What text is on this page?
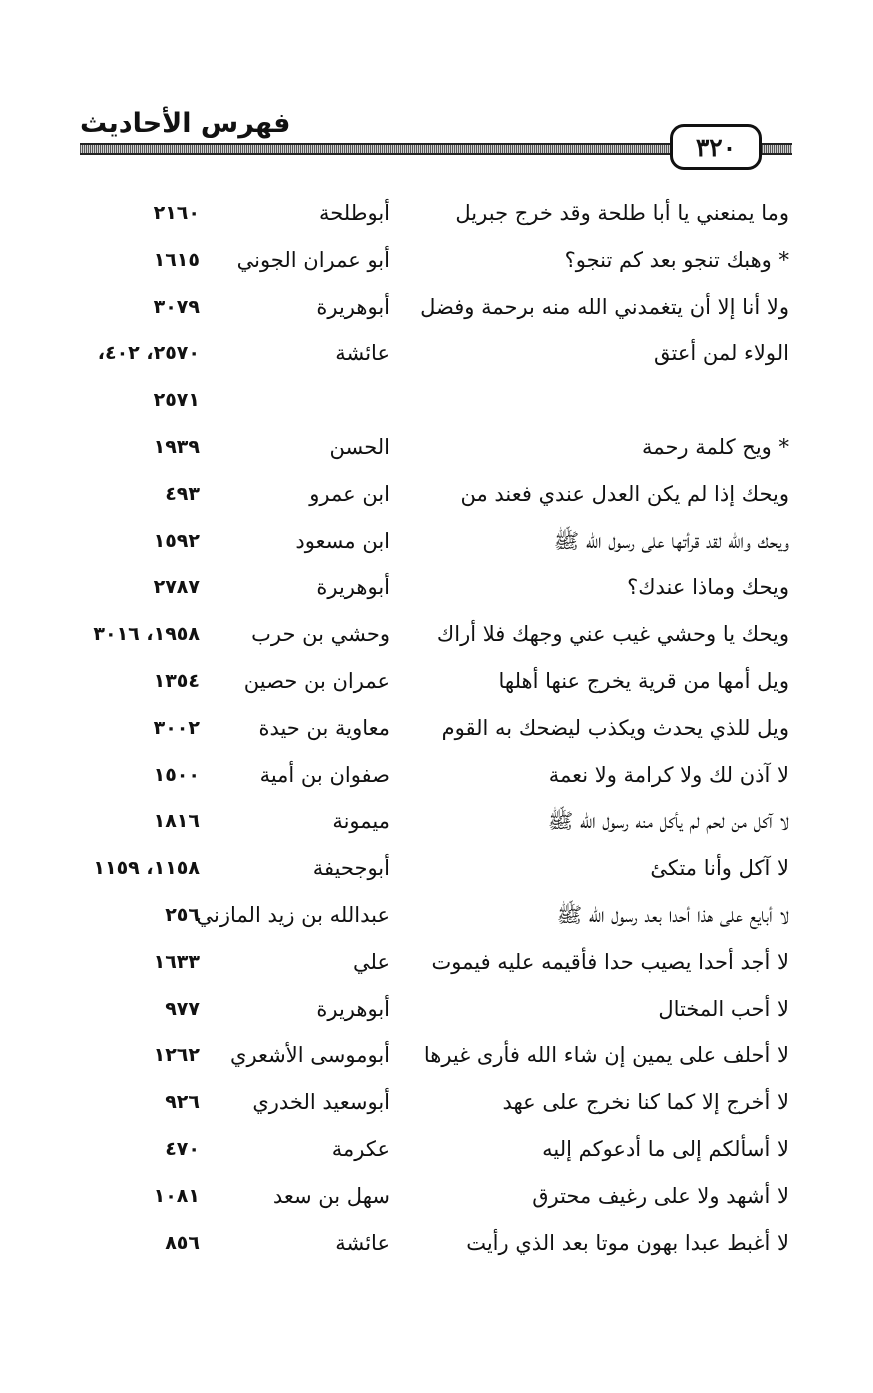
فهرس الأحاديث
٣٢٠
وما يمنعني يا أبا طلحة وقد خرج جبريل
أبوطلحة
٢١٦٠
* وهبك تنجو بعد كم تنجو؟
أبو عمران الجوني
١٦١٥
ولا أنا إلا أن يتغمدني الله منه برحمة وفضل
أبوهريرة
٣٠٧٩
الولاء لمن أعتق
عائشة
٢٥٧٠، ٤٠٢،
٢٥٧١
* ويح كلمة رحمة
الحسن
١٩٣٩
ويحك إذا لم يكن العدل عندي فعند من
ابن عمرو
٤٩٣
ويحك والله لقد قرأتها على رسول الله ﷺ
ابن مسعود
١٥٩٢
ويحك وماذا عندك؟
أبوهريرة
٢٧٨٧
ويحك يا وحشي غيب عني وجهك فلا أراك
وحشي بن حرب
١٩٥٨، ٣٠١٦
ويل أمها من قرية يخرج عنها أهلها
عمران بن حصين
١٣٥٤
ويل للذي يحدث ويكذب ليضحك به القوم
معاوية بن حيدة
٣٠٠٢
لا آذن لك ولا كرامة ولا نعمة
صفوان بن أمية
١٥٠٠
لا آكل من لحم لم يأكل منه رسول الله ﷺ
ميمونة
١٨١٦
لا آكل وأنا متكئ
أبوجحيفة
١١٥٨، ١١٥٩
لا أبايع على هذا أحدا بعد رسول الله ﷺ
عبدالله بن زيد المازني
٢٥٦
لا أجد أحدا يصيب حدا فأقيمه عليه فيموت
علي
١٦٣٣
لا أحب المختال
أبوهريرة
٩٧٧
لا أحلف على يمين إن شاء الله فأرى غيرها
أبوموسى الأشعري
١٢٦٢
لا أخرج إلا كما كنا نخرج على عهد
أبوسعيد الخدري
٩٢٦
لا أسألكم إلى ما أدعوكم إليه
عكرمة
٤٧٠
لا أشهد ولا على رغيف محترق
سهل بن سعد
١٠٨١
لا أغبط عبدا بهون موتا بعد الذي رأيت
عائشة
٨٥٦
